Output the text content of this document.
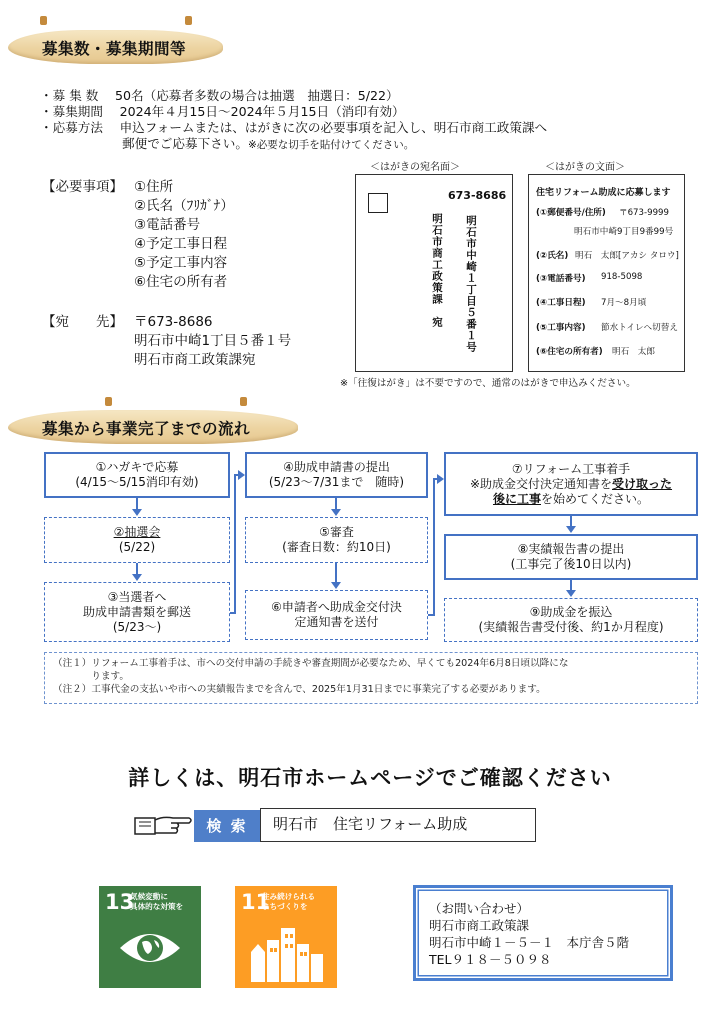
募集数・募集期間等
・募 集 数　 50名（応募者多数の場合は抽選　抽選日：5/22）
・募集期間　 2024年４月15日～2024年５月15日（消印有効）
・応募方法　 申込フォームまたは、はがきに次の必要事項を記入し、明石市商工政策課へ
郵便でご応募下さい。※必要な切手を貼付けてください。
【必要事項】 ①住所
②氏名（ﾌﾘｶﾞﾅ）
③電話番号
④予定工事日程
⑤予定工事内容
⑥住宅の所有者
【宛　　先】 〒673-8686
明石市中崎1丁目５番１号
明石市商工政策課宛
＜はがきの宛名面＞
673-8686
明石市中崎１丁目５番１号
明石市商工政策課　宛
＜はがきの文面＞
住宅リフォーム助成に応募します
(①郵便番号/住所) 〒673-9999
明石市中崎9丁目9番99号
(②氏名) 明石　太郎[アカシ タロウ]
(③電話番号) 918-5098
(④工事日程) 7月～8月頃
(⑤工事内容) 節水トイレへ切替え
(⑥住宅の所有者) 明石　太郎
※「往復はがき」は不要ですので、通常のはがきで申込みください。
募集から事業完了までの流れ
①ハガキで応募
(4/15～5/15消印有効)
②抽選会
(5/22)
③当選者へ
助成申請書類を郵送
(5/23～)
④助成申請書の提出
(5/23～7/31まで　随時)
⑤審査
(審査日数：約10日)
⑥申請者へ助成金交付決
定通知書を送付
⑦リフォーム工事着手
※助成金交付決定通知書を受け取った
後に工事を始めてください。
⑧実績報告書の提出
(工事完了後10日以内)
⑨助成金を振込
(実績報告書受付後、約1か月程度)
（注１）リフォーム工事着手は、市への交付申請の手続きや審査期間が必要なため、早くても2024年6月8日頃以降にな
　　　　ります。
（注２）工事代金の支払いや市への実績報告までを含んで、2025年1月31日までに事業完了する必要があります。
詳しくは、明石市ホームページでご確認ください
検 索	明石市　住宅リフォーム助成
13
気候変動に
具体的な対策を	11
住み続けられる
まちづくりを	（お問い合わせ）
明石市商工政策課
明石市中崎１－５－１　本庁舎５階
TEL９１８－５０９８
